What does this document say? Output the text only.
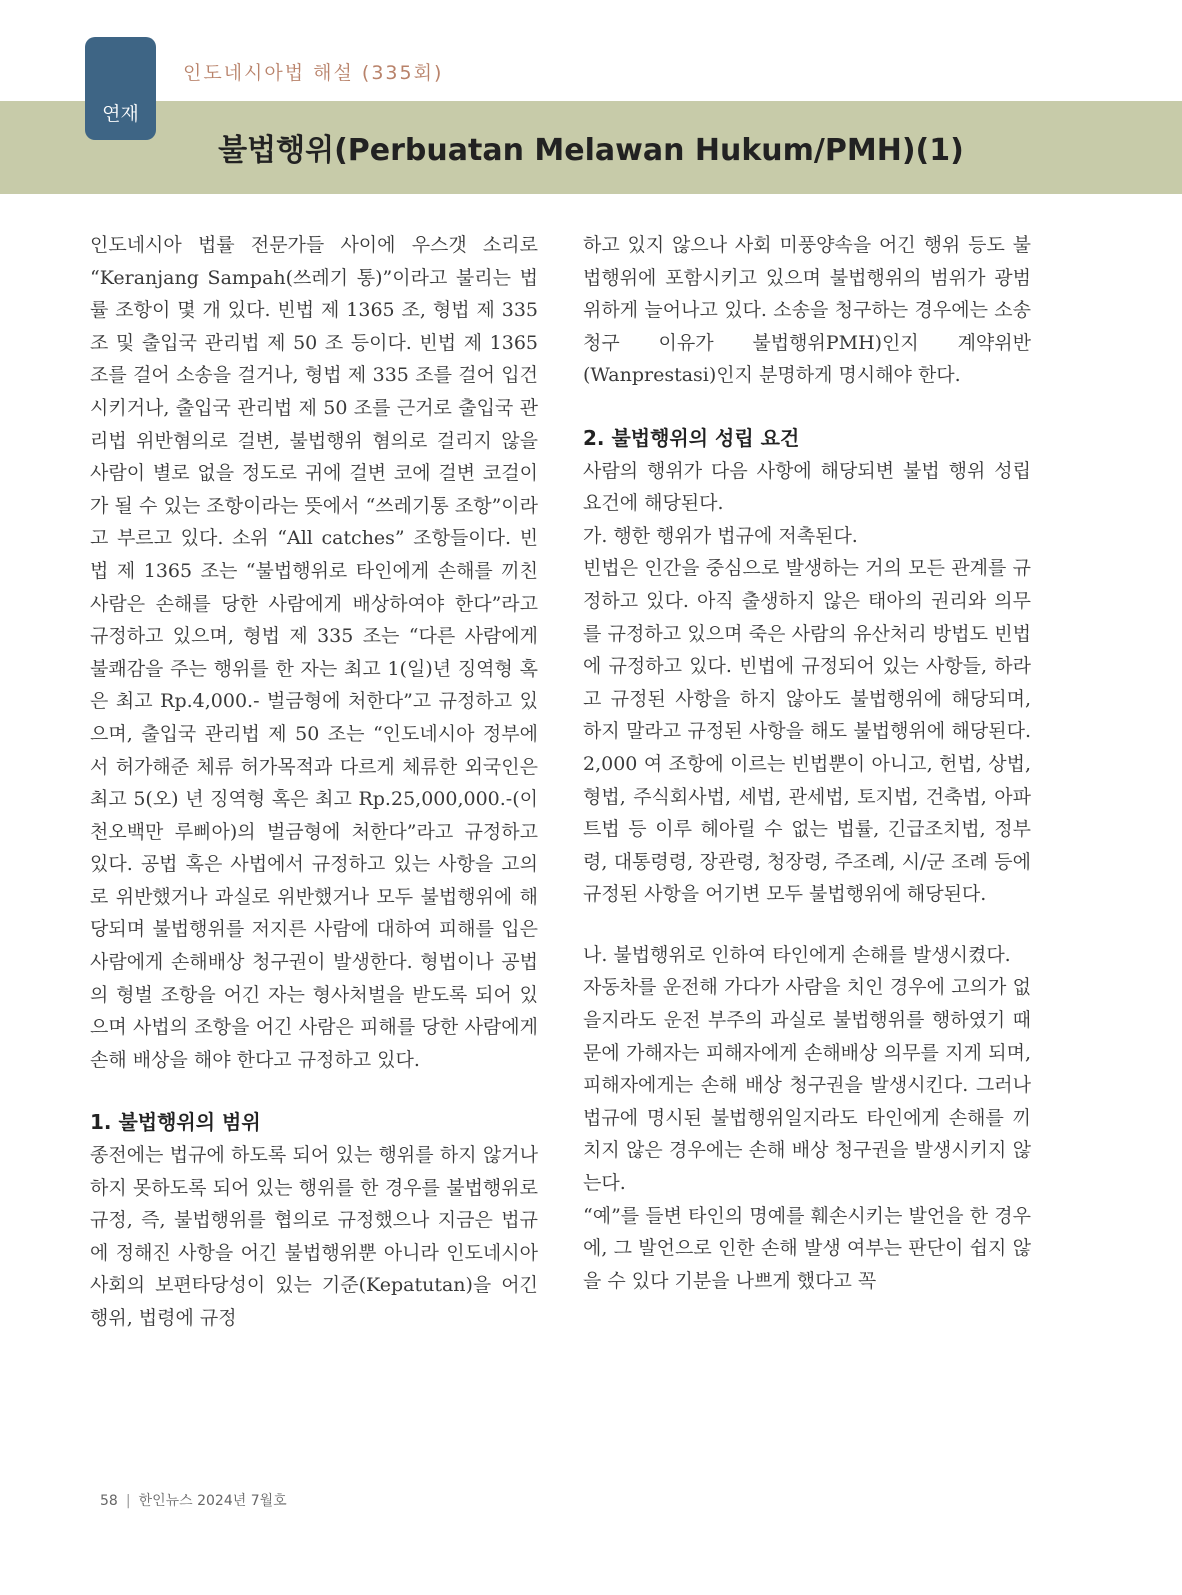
연재
인도네시아법 해설 (335회)
불법행위(Perbuatan Melawan Hukum/PMH)(1)

인도네시아 법률 전문가들 사이에 우스갯 소리로 “Keranjang Sampah(쓰레기 통)”이라고 불리는 법률 조항이 몇 개 있다. 빈법 제 1365 조, 형법 제 335 조 및 출입국 관리법 제 50 조 등이다. 빈법 제 1365 조를 걸어 소송을 걸거나, 형법 제 335 조를 걸어 입건시키거나, 출입국 관리법 제 50 조를 근거로 출입국 관리법 위반혐의로 걸변, 불법행위 혐의로 걸리지 않을 사람이 별로 없을 정도로 귀에 걸변 코에 걸변 코걸이가 될 수 있는 조항이라는 뜻에서 “쓰레기통 조항”이라고 부르고 있다. 소위 “All catches” 조항들이다. 빈법 제 1365 조는 “불법행위로 타인에게 손해를 끼친 사람은 손해를 당한 사람에게 배상하여야 한다”라고 규정하고 있으며, 형법 제 335 조는 “다른 사람에게 불쾌감을 주는 행위를 한 자는 최고 1(일)년 징역형 혹은 최고 Rp.4,000.- 벌금형에 처한다”고 규정하고 있으며, 출입국 관리법 제 50 조는 “인도네시아 정부에서 허가해준 체류 허가목적과 다르게 체류한 외국인은 최고 5(오) 년 징역형 혹은 최고 Rp.25,000,000.-(이천오백만 루삐아)의 벌금형에 처한다”라고 규정하고 있다. 공법 혹은 사법에서 규정하고 있는 사항을 고의로 위반했거나 과실로 위반했거나 모두 불법행위에 해당되며 불법행위를 저지른 사람에 대하여 피해를 입은 사람에게 손해배상 청구권이 발생한다. 형법이나 공법의 형벌 조항을 어긴 자는 형사처벌을 받도록 되어 있으며 사법의 조항을 어긴 사람은 피해를 당한 사람에게 손해 배상을 해야 한다고 규정하고 있다.

1. 불법행위의 범위

종전에는 법규에 하도록 되어 있는 행위를 하지 않거나 하지 못하도록 되어 있는 행위를 한 경우를 불법행위로 규정, 즉, 불법행위를 협의로 규정했으나 지금은 법규에 정해진 사항을 어긴 불법행위뿐 아니라 인도네시아 사회의 보편타당성이 있는 기준(Kepatutan)을 어긴 행위, 법령에 규정

하고 있지 않으나 사회 미풍양속을 어긴 행위 등도 불법행위에 포함시키고 있으며 불법행위의 범위가 광범위하게 늘어나고 있다. 소송을 청구하는 경우에는 소송청구 이유가 불법행위PMH)인지 계약위반(Wanprestasi)인지 분명하게 명시해야 한다.

2. 불법행위의 성립 요건

사람의 행위가 다음 사항에 해당되변 불법 행위 성립 요건에 해당된다.

가. 행한 행위가 법규에 저촉된다.

빈법은 인간을 중심으로 발생하는 거의 모든 관계를 규정하고 있다. 아직 출생하지 않은 태아의 권리와 의무를 규정하고 있으며 죽은 사람의 유산처리 방법도 빈법에 규정하고 있다. 빈법에 규정되어 있는 사항들, 하라고 규정된 사항을 하지 않아도 불법행위에 해당되며, 하지 말라고 규정된 사항을 해도 불법행위에 해당된다. 2,000 여 조항에 이르는 빈법뿐이 아니고, 헌법, 상법, 형법, 주식회사법, 세법, 관세법, 토지법, 건축법, 아파트법 등 이루 헤아릴 수 없는 법률, 긴급조치법, 정부령, 대통령령, 장관령, 청장령, 주조례, 시/군 조례 등에 규정된 사항을 어기변 모두 불법행위에 해당된다.

나. 불법행위로 인하여 타인에게 손해를 발생시켰다.

자동차를 운전해 가다가 사람을 치인 경우에 고의가 없을지라도 운전 부주의 과실로 불법행위를 행하였기 때문에 가해자는 피해자에게 손해배상 의무를 지게 되며, 피해자에게는 손해 배상 청구권을 발생시킨다. 그러나 법규에 명시된 불법행위일지라도 타인에게 손해를 끼치지 않은 경우에는 손해 배상 청구권을 발생시키지 않는다.

“예”를 들변 타인의 명예를 훼손시키는 발언을 한 경우에, 그 발언으로 인한 손해 발생 여부는 판단이 쉽지 않을 수 있다 기분을 나쁘게 했다고 꼭

58 | 한인뉴스 2024년 7월호
